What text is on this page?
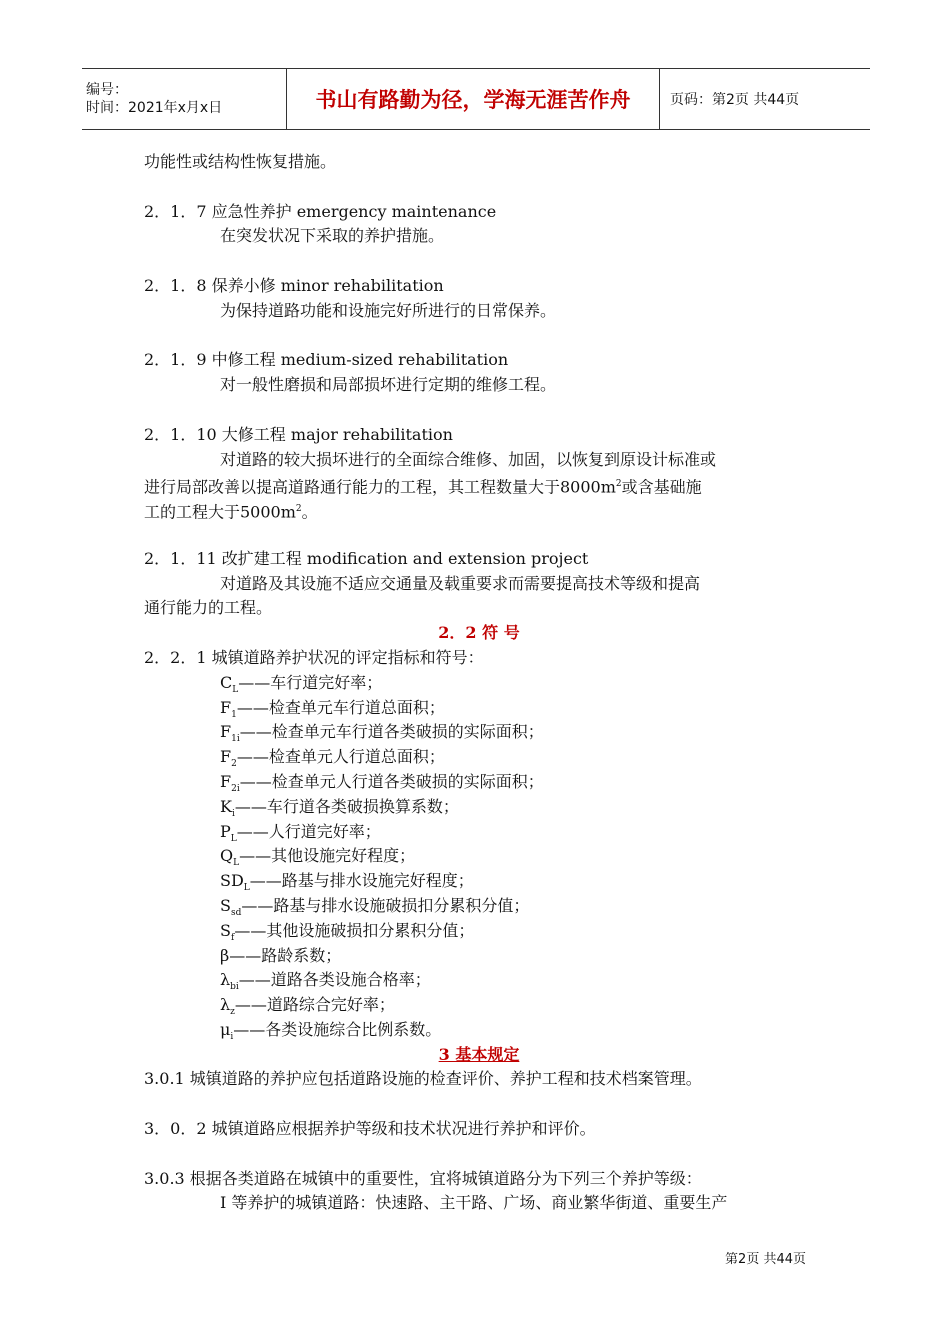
编号：
时间：2021年x月x日	书山有路勤为径，学海无涯苦作舟	页码：第2页 共44页
功能性或结构性恢复措施。
2．1．7 应急性养护 emergency maintenance
在突发状况下采取的养护措施。
2．1．8 保养小修 minor rehabilitation
为保持道路功能和设施完好所进行的日常保养。
2．1．9 中修工程 medium-sized rehabilitation
对一般性磨损和局部损坏进行定期的维修工程。
2．1．10 大修工程 major rehabilitation
对道路的较大损坏进行的全面综合维修、加固，以恢复到原设计标准或
进行局部改善以提高道路通行能力的工程，其工程数量大于$8000m^2$或含基础施
工的工程大于$5000m^2$。
2．1．11 改扩建工程 modification and extension project
对道路及其设施不适应交通量及载重要求而需要提高技术等级和提高
通行能力的工程。
2．2 符 号
2．2．1 城镇道路养护状况的评定指标和符号：
$C_L——$车行道完好率；
$F_1——$检查单元车行道总面积；
$F_{1i}——$检查单元车行道各类破损的实际面积；
$F_2——$检查单元人行道总面积；
$F_{2i}——$检查单元人行道各类破损的实际面积；
$K_i——$车行道各类破损换算系数；
$P_L——$人行道完好率；
$Q_L——$其他设施完好程度；
$SD_L——$路基与排水设施完好程度；
$S_{sd}——$路基与排水设施破损扣分累积分值；
$S_f——$其他设施破损扣分累积分值；
β——路龄系数；
$\lambda_{bi}——$道路各类设施合格率；
$\lambda_z——$道路综合完好率；
$\mu_i——$各类设施综合比例系数。
3 基本规定
3.0.1 城镇道路的养护应包括道路设施的检查评价、养护工程和技术档案管理。
3．0．2 城镇道路应根据养护等级和技术状况进行养护和评价。
3.0.3 根据各类道路在城镇中的重要性，宜将城镇道路分为下列三个养护等级：
Ⅰ 等养护的城镇道路：快速路、主干路、广场、商业繁华街道、重要生产
第2页 共44页
